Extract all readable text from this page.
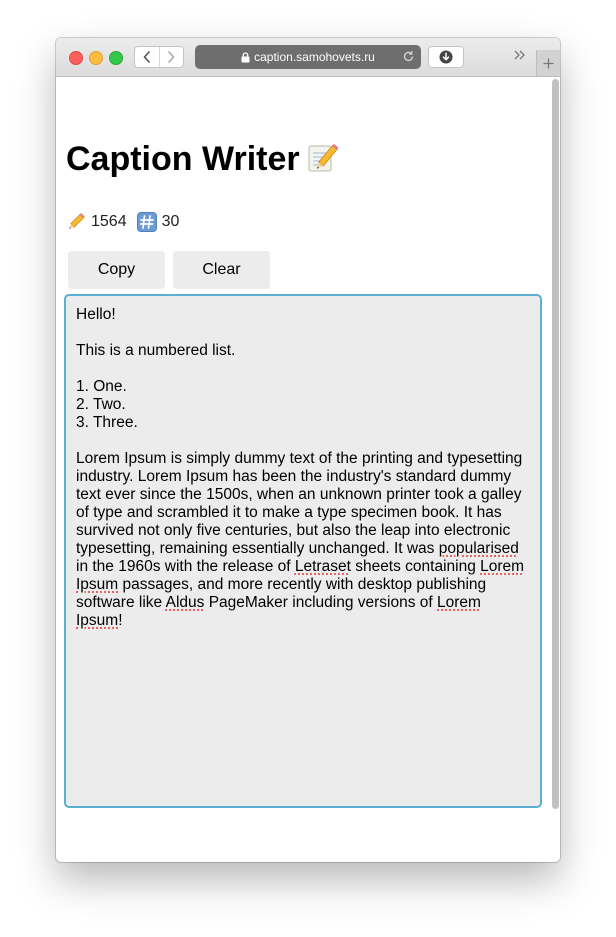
caption.samohovets.ru
Caption Writer
1564 30
Copy	Clear

Hello!

This is a numbered list.

1. One.

2. Two.

3. Three.

Lorem Ipsum is simply dummy text of the printing and typesetting industry. Lorem Ipsum has been the industry's standard dummy text ever since the 1500s, when an unknown printer took a galley of type and scrambled it to make a type specimen book. It has survived not only five centuries, but also the leap into electronic typesetting, remaining essentially unchanged. It was popularised in the 1960s with the release of Letraset sheets containing Lorem Ipsum passages, and more recently with desktop publishing software like Aldus PageMaker including versions of Lorem Ipsum!
